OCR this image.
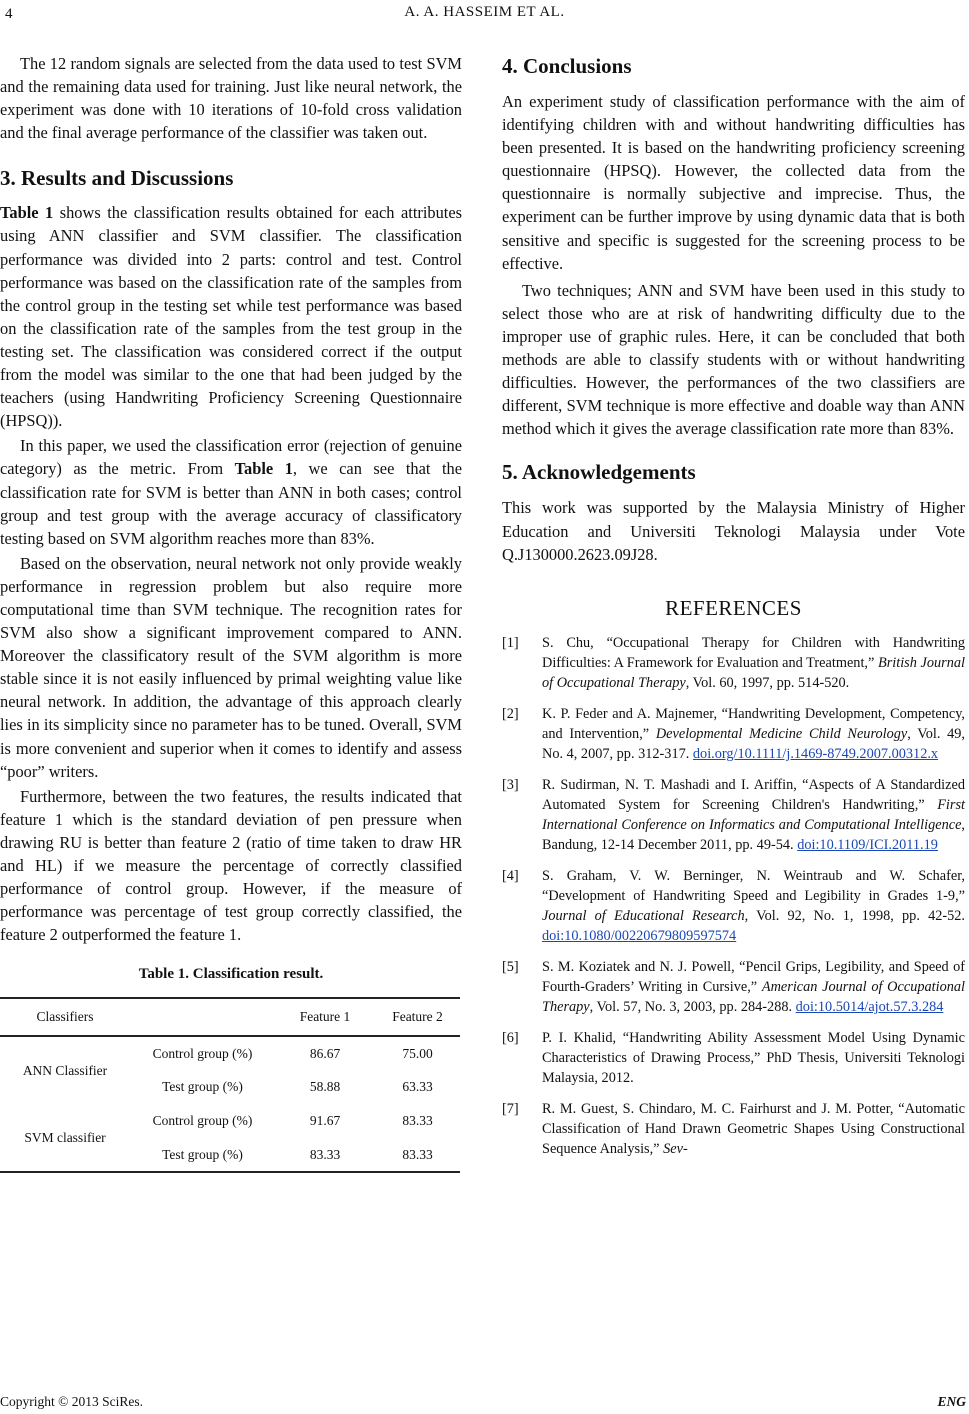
4	A. A. HASSEIM ET AL.

The 12 random signals are selected from the data used to test SVM and the remaining data used for training. Just like neural network, the experiment was done with 10 iterations of 10-fold cross validation and the final average performance of the classifier was taken out.

3. Results and Discussions

Table 1 shows the classification results obtained for each attributes using ANN classifier and SVM classifier. The classification performance was divided into 2 parts: control and test. Control performance was based on the classification rate of the samples from the control group in the testing set while test performance was based on the classification rate of the samples from the test group in the testing set. The classification was considered correct if the output from the model was similar to the one that had been judged by the teachers (using Handwriting Proficiency Screening Questionnaire (HPSQ)).

In this paper, we used the classification error (rejection of genuine category) as the metric. From Table 1, we can see that the classification rate for SVM is better than ANN in both cases; control group and test group with the average accuracy of classificatory testing based on SVM algorithm reaches more than 83%.

Based on the observation, neural network not only provide weakly performance in regression problem but also require more computational time than SVM technique. The recognition rates for SVM also show a significant improvement compared to ANN. Moreover the classificatory result of the SVM algorithm is more stable since it is not easily influenced by primal weighting value like neural network. In addition, the advantage of this approach clearly lies in its simplicity since no parameter has to be tuned. Overall, SVM is more convenient and superior when it comes to identify and assess “poor” writers.

Furthermore, between the two features, the results indicated that feature 1 which is the standard deviation of pen pressure when drawing RU is better than feature 2 (ratio of time taken to draw HR and HL) if we measure the percentage of correctly classified performance of control group. However, if the measure of performance was percentage of test group correctly classified, the feature 2 outperformed the feature 1.

Table 1. Classification result.
Classifiers		Feature 1	Feature 2
ANN Classifier	Control group (%)	86.67	75.00
	Test group (%)	58.88	63.33
SVM classifier	Control group (%)	91.67	83.33
	Test group (%)	83.33	83.33
4. Conclusions

An experiment study of classification performance with the aim of identifying children with and without handwriting difficulties has been presented. It is based on the handwriting proficiency screening questionnaire (HPSQ). However, the collected data from the questionnaire is normally subjective and imprecise. Thus, the experiment can be further improve by using dynamic data that is both sensitive and specific is suggested for the screening process to be effective.

Two techniques; ANN and SVM have been used in this study to select those who are at risk of handwriting difficulty due to the improper use of graphic rules. Here, it can be concluded that both methods are able to classify students with or without handwriting difficulties. However, the performances of the two classifiers are different, SVM technique is more effective and doable way than ANN method which it gives the average classification rate more than 83%.

5. Acknowledgements

This work was supported by the Malaysia Ministry of Higher Education and Universiti Teknologi Malaysia under Vote Q.J130000.2623.09J28.

REFERENCES
[1]	S. Chu, “Occupational Therapy for Children with Handwriting Difficulties: A Framework for Evaluation and Treatment,” British Journal of Occupational Therapy, Vol. 60, 1997, pp. 514-520.
[2]	K. P. Feder and A. Majnemer, “Handwriting Development, Competency, and Intervention,” Developmental Medicine Child Neurology, Vol. 49, No. 4, 2007, pp. 312-317. doi.org/10.1111/j.1469-8749.2007.00312.x
[3]	R. Sudirman, N. T. Mashadi and I. Ariffin, “Aspects of A Standardized Automated System for Screening Children's Handwriting,” First International Conference on Informatics and Computational Intelligence, Bandung, 12-14 December 2011, pp. 49-54. doi:10.1109/ICI.2011.19
[4]	S. Graham, V. W. Berninger, N. Weintraub and W. Schafer, “Development of Handwriting Speed and Legibility in Grades 1-9,” Journal of Educational Research, Vol. 92, No. 1, 1998, pp. 42-52. doi:10.1080/00220679809597574
[5]	S. M. Koziatek and N. J. Powell, “Pencil Grips, Legibility, and Speed of Fourth-Graders’ Writing in Cursive,” American Journal of Occupational Therapy, Vol. 57, No. 3, 2003, pp. 284-288. doi:10.5014/ajot.57.3.284
[6]	P. I. Khalid, “Handwriting Ability Assessment Model Using Dynamic Characteristics of Drawing Process,” PhD Thesis, Universiti Teknologi Malaysia, 2012.
[7]	R. M. Guest, S. Chindaro, M. C. Fairhurst and J. M. Potter, “Automatic Classification of Hand Drawn Geometric Shapes Using Constructional Sequence Analysis,” Sev-
Copyright © 2013 SciRes.	ENG
